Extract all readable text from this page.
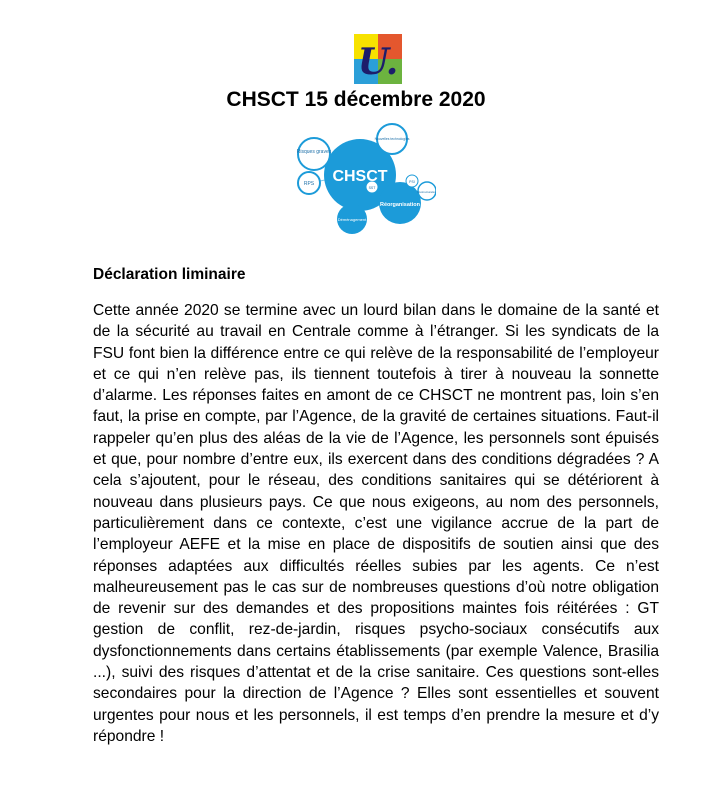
U.
CHSCT 15 décembre 2020
CHSCT
Risques graves
RPS
Nouvelles technologies
SST
PSI
Restructuration
Réorganisation
Déménagement
Déclaration liminaire

Cette année 2020 se termine avec un lourd bilan dans le domaine de la santé et de la sécurité au travail en Centrale comme à l’étranger. Si les syndicats de la FSU font bien la différence entre ce qui relève de la responsabilité de l’employeur et ce qui n’en relève pas, ils tiennent toutefois à tirer à nouveau la sonnette d’alarme. Les réponses faites en amont de ce CHSCT ne montrent pas, loin s’en faut, la prise en compte, par l’Agence, de la gravité de certaines situations. Faut-il rappeler qu’en plus des aléas de la vie de l’Agence, les personnels sont épuisés et que, pour nombre d’entre eux, ils exercent dans des conditions dégradées ? A cela s’ajoutent, pour le réseau, des conditions sanitaires qui se détériorent à nouveau dans plusieurs pays. Ce que nous exigeons, au nom des personnels, particulièrement dans ce contexte, c’est une vigilance accrue de la part de l’employeur AEFE et la mise en place de dispositifs de soutien ainsi que des réponses adaptées aux difficultés réelles subies par les agents. Ce n’est malheureusement pas le cas sur de nombreuses questions d’où notre obligation de revenir sur des demandes et des propositions maintes fois réitérées : GT gestion de conflit, rez-de-jardin, risques psycho-sociaux consécutifs aux dysfonctionnements dans certains établissements (par exemple Valence, Brasilia ...), suivi des risques d’attentat et de la crise sanitaire. Ces questions sont-elles secondaires pour la direction de l’Agence ? Elles sont essentielles et souvent urgentes pour nous et les personnels, il est temps d’en prendre la mesure et d’y répondre !
